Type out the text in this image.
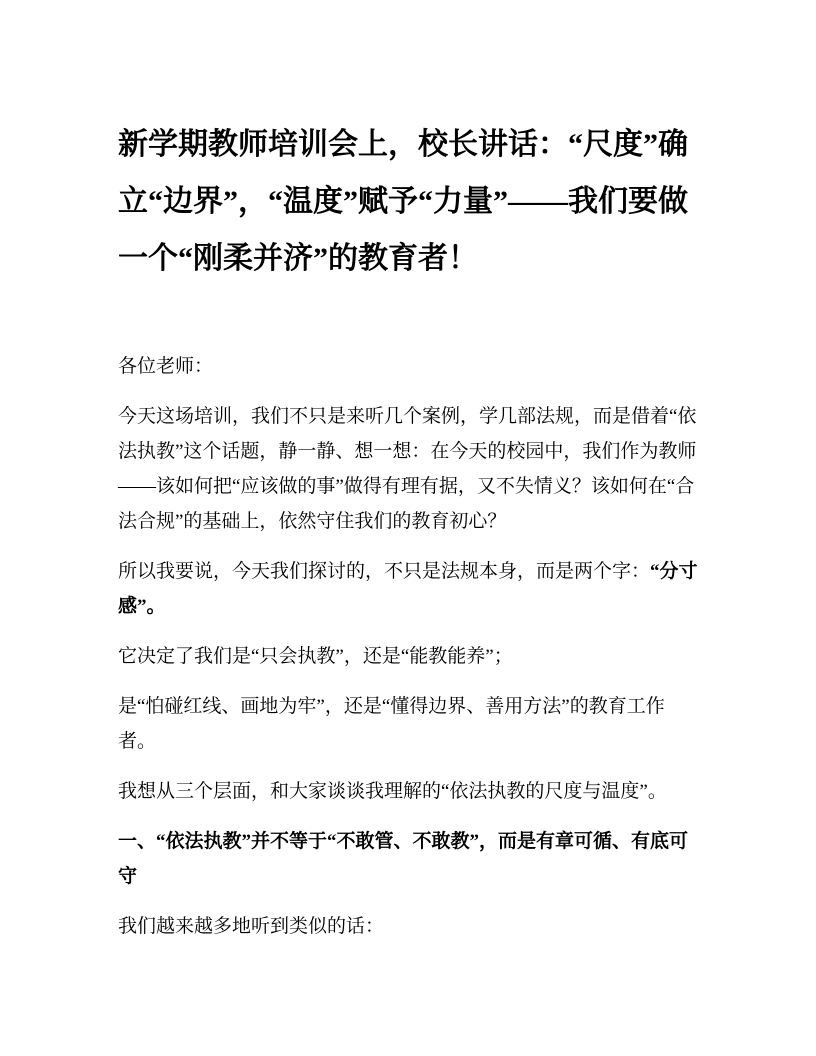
新学期教师培训会上，校长讲话：“尺度”确立“边界”，“温度”赋予“力量”——我们要做一个“刚柔并济”的教育者！

各位老师：

今天这场培训，我们不只是来听几个案例，学几部法规，而是借着“依法执教”这个话题，静一静、想一想：在今天的校园中，我们作为教师——该如何把“应该做的事”做得有理有据，又不失情义？该如何在“合法合规”的基础上，依然守住我们的教育初心？

所以我要说，今天我们探讨的，不只是法规本身，而是两个字：“分寸感”。

它决定了我们是“只会执教”，还是“能教能养”；

是“怕碰红线、画地为牢”，还是“懂得边界、善用方法”的教育工作者。

我想从三个层面，和大家谈谈我理解的“依法执教的尺度与温度”。

一、“依法执教”并不等于“不敢管、不敢教”，而是有章可循、有底可守

我们越来越多地听到类似的话：
